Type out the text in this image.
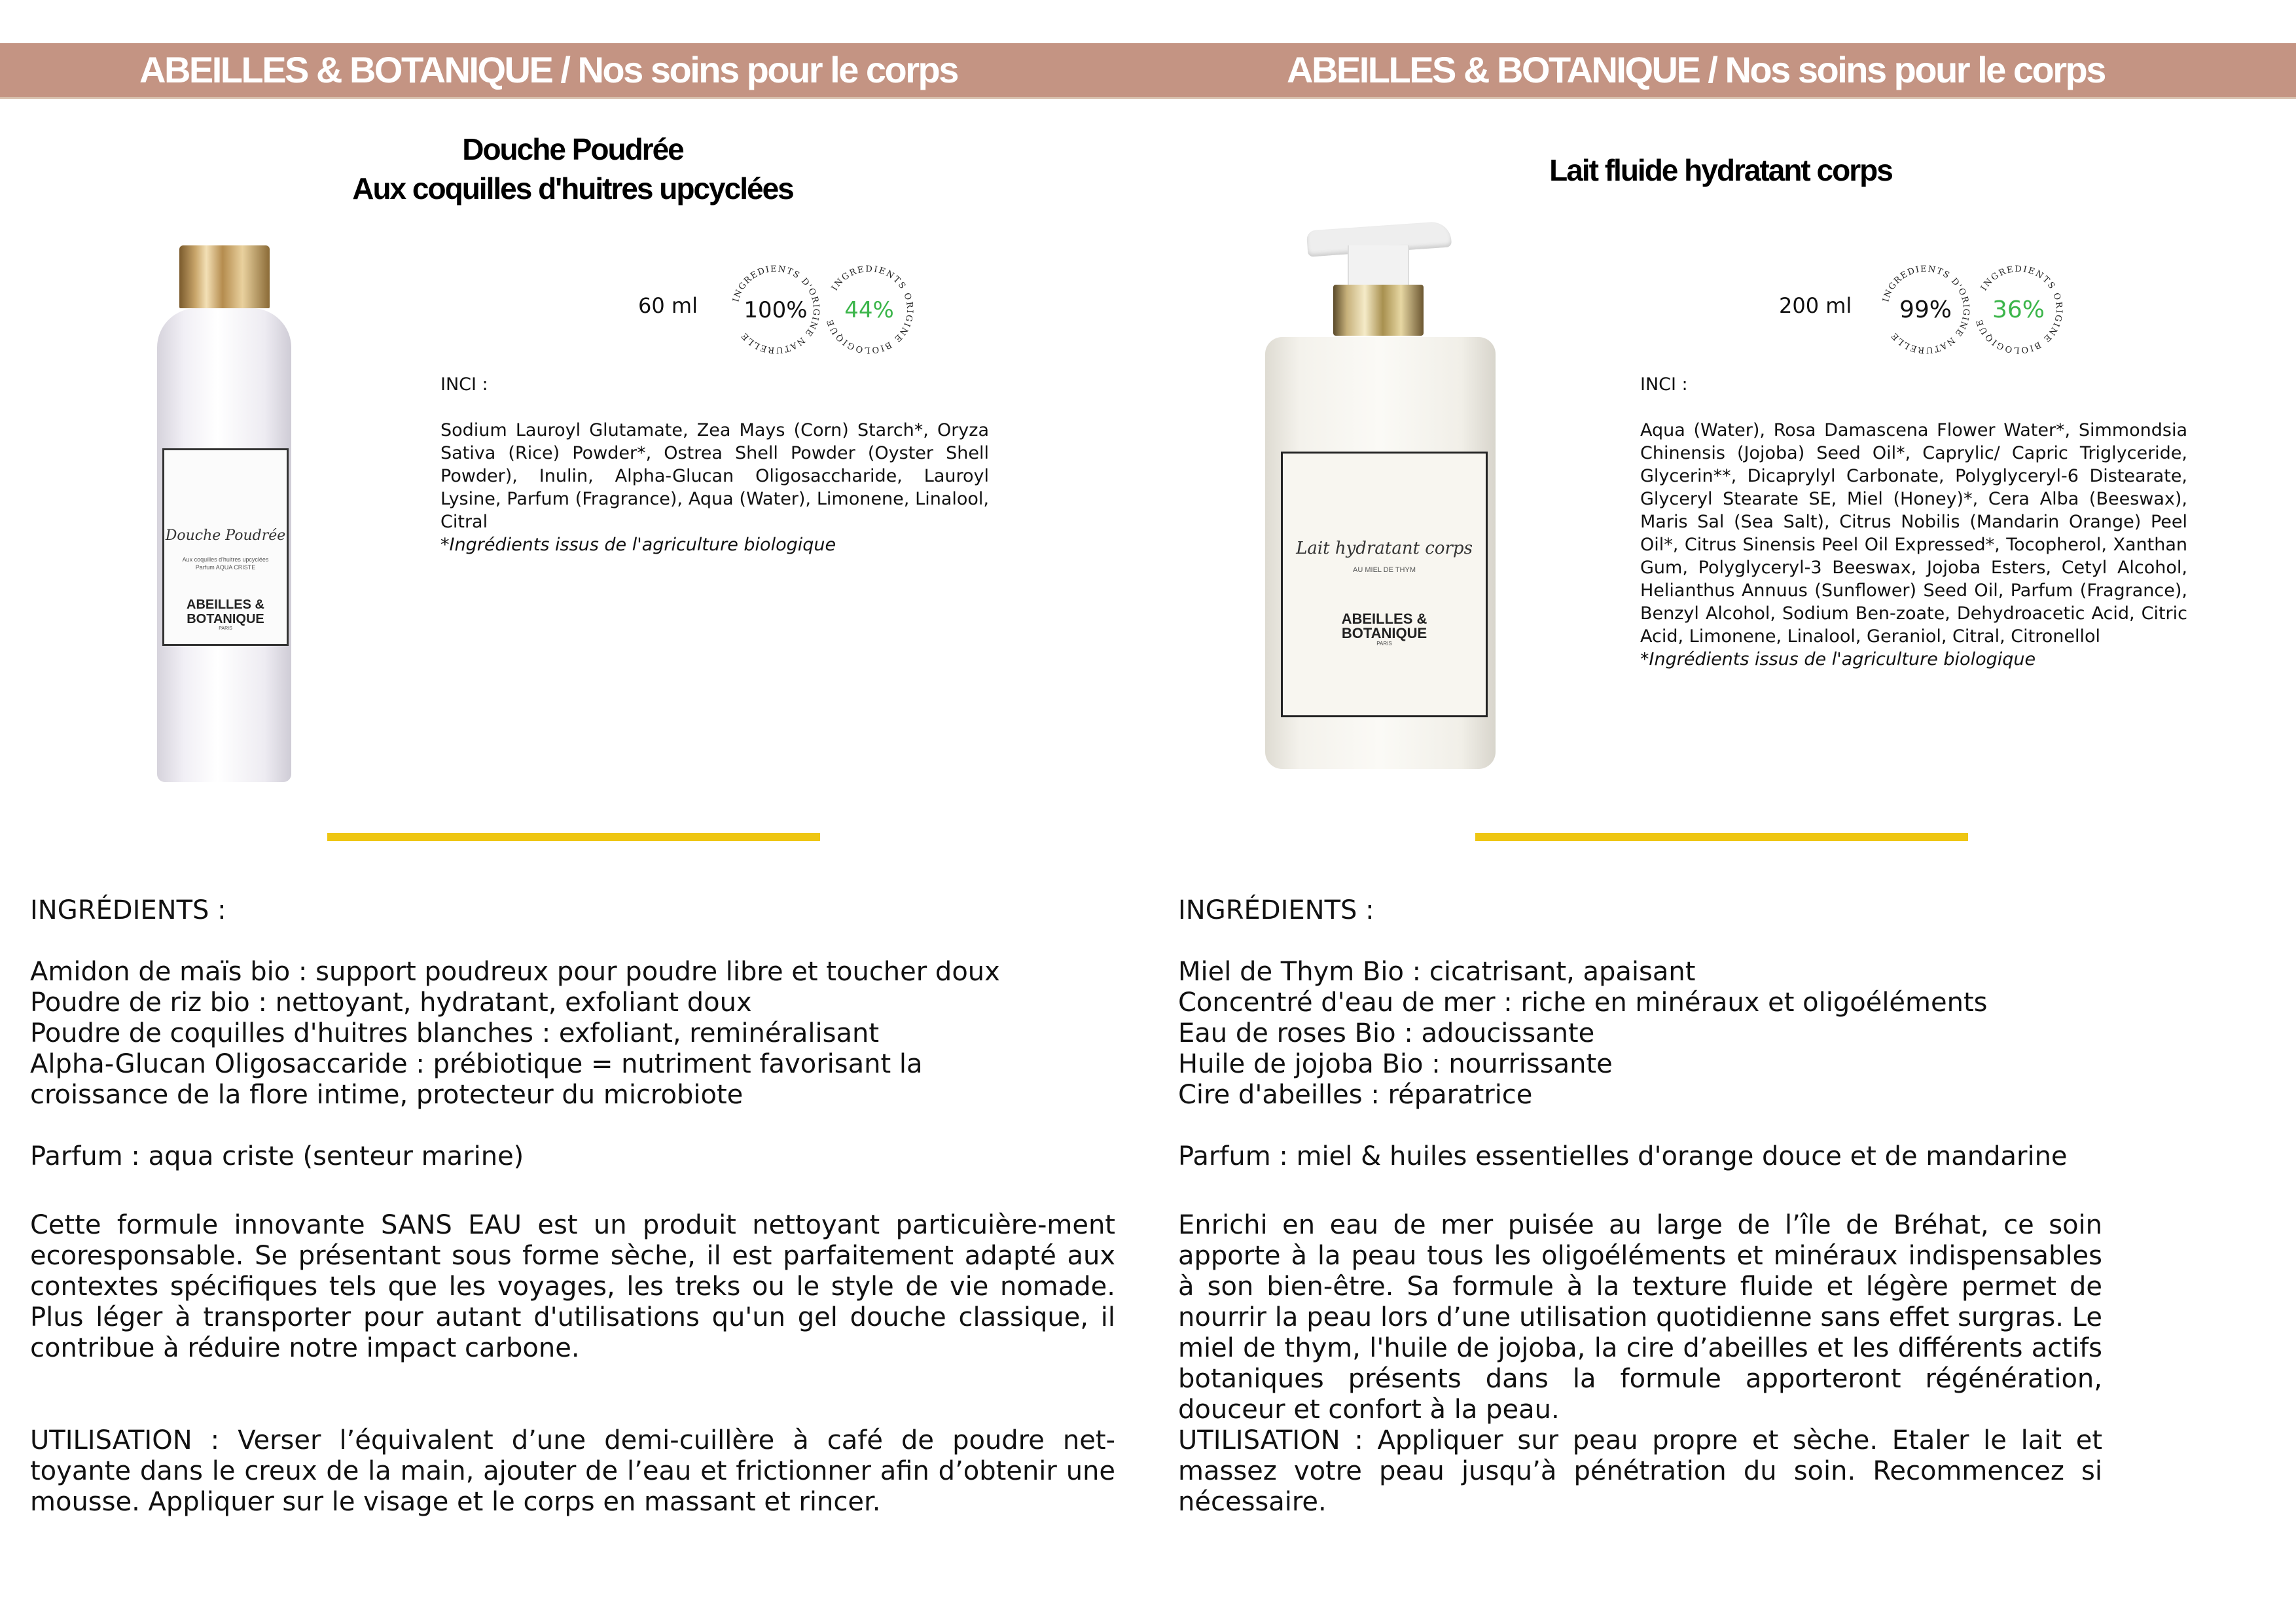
ABEILLES & BOTANIQUE / Nos soins pour le corps	ABEILLES & BOTANIQUE / Nos soins pour le corps
Douche Poudrée
Aux coquilles d'huitres upcyclées
Douche Poudrée
Aux coquilles d'huitres upcyclées
Parfum AQUA CRISTE
ABEILLES &
BOTANIQUE
PARIS
60 ml	INGREDIENTS D'ORIGINE NATURELLE
100%
INGREDIENTS ORIGINE BIOLOGIQUE 44%
INCI :
Sodium Lauroyl Glutamate, Zea Mays (Corn) Starch*, Oryza Sativa (Rice) Powder*, Ostrea Shell Powder (Oyster Shell Powder), Inulin, Alpha-Glucan Oligosaccharide, Lauroyl Lysine, Parfum (Fragrance), Aqua (Water), Limonene, Linalool, Citral
*Ingrédients issus de l'agriculture biologique

INGRÉDIENTS :

Amidon de maïs bio : support poudreux pour poudre libre et toucher doux

Poudre de riz bio : nettoyant, hydratant, exfoliant doux

Poudre de coquilles d'huitres blanches : exfoliant, reminéralisant

Alpha-Glucan Oligosaccaride : prébiotique = nutriment favorisant la croissance de la flore intime, protecteur du microbiote

Parfum : aqua criste (senteur marine)

Cette formule innovante SANS EAU est un produit nettoyant particuière-ment ecoresponsable. Se présentant sous forme sèche, il est parfaitement adapté aux contextes spécifiques tels que les voyages, les treks ou le style de vie nomade. Plus léger à transporter pour autant d'utilisations qu'un gel douche classique, il contribue à réduire notre impact carbone.
UTILISATION : Verser l’équivalent d’une demi-cuillère à café de poudre net-toyante dans le creux de la main, ajouter de l’eau et frictionner afin d’obtenir une mousse. Appliquer sur le visage et le corps en massant et rincer.
Lait fluide hydratant corps
Lait hydratant corps
AU MIEL DE THYM
ABEILLES &
BOTANIQUE
PARIS
200 ml	INGREDIENTS D'ORIGINE NATURELLE
99%
INGREDIENTS ORIGINE BIOLOGIQUE 36%
INCI :
Aqua (Water), Rosa Damascena Flower Water*, Simmondsia Chinensis (Jojoba) Seed Oil*, Caprylic/ Capric Triglyceride, Glycerin**, Dicaprylyl Carbonate, Polyglyceryl-6 Distearate, Glyceryl Stearate SE, Miel (Honey)*, Cera Alba (Beeswax), Maris Sal (Sea Salt), Citrus Nobilis (Mandarin Orange) Peel Oil*, Citrus Sinensis Peel Oil Expressed*, Tocopherol, Xanthan Gum, Polyglyceryl-3 Beeswax, Jojoba Esters, Cetyl Alcohol, Helianthus Annuus (Sunflower) Seed Oil, Parfum (Fragrance), Benzyl Alcohol, Sodium Ben-zoate, Dehydroacetic Acid, Citric Acid, Limonene, Linalool, Geraniol, Citral, Citronellol
*Ingrédients issus de l'agriculture biologique

INGRÉDIENTS :

Miel de Thym Bio : cicatrisant, apaisant

Concentré d'eau de mer : riche en minéraux et oligoéléments

Eau de roses Bio : adoucissante

Huile de jojoba Bio : nourrissante

Cire d'abeilles : réparatrice

Parfum : miel & huiles essentielles d'orange douce et de mandarine

Enrichi en eau de mer puisée au large de l’île de Bréhat, ce soin apporte à la peau tous les oligoéléments et minéraux indispensables à son bien-être. Sa formule à la texture fluide et légère permet de nourrir la peau lors d’une utilisation quotidienne sans effet surgras. Le miel de thym, l'huile de jojoba, la cire d’abeilles et les différents actifs botaniques présents dans la formule apporteront régénération, douceur et confort à la peau.
UTILISATION : Appliquer sur peau propre et sèche. Etaler le lait et massez votre peau jusqu’à pénétration du soin. Recommencez si nécessaire.
